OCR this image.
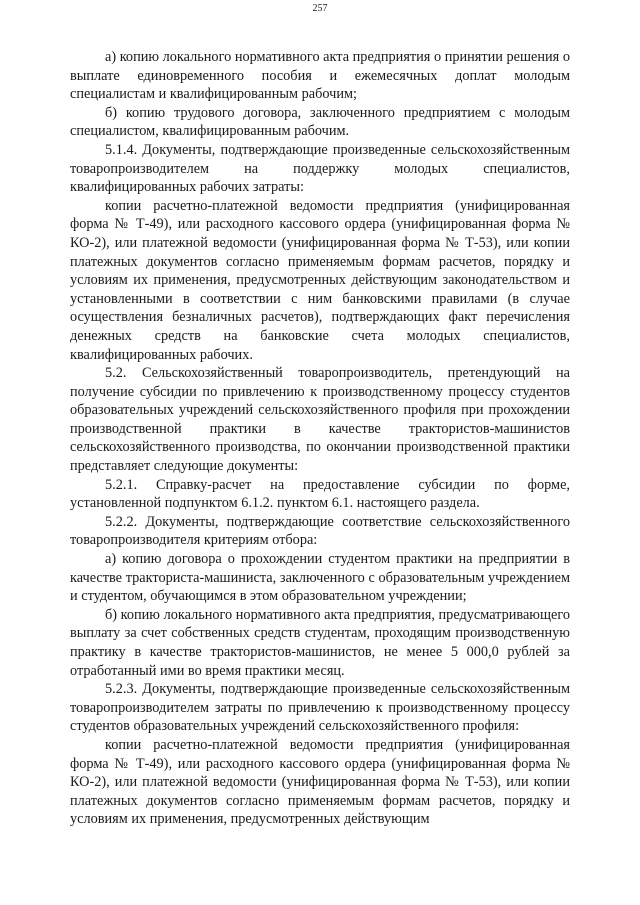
257

а) копию локального нормативного акта предприятия о принятии решения о выплате единовременного пособия и ежемесячных доплат молодым специалистам и квалифицированным рабочим;

б) копию трудового договора, заключенного предприятием с молодым специалистом, квалифицированным рабочим.

5.1.4. Документы, подтверждающие произведенные сельскохозяйственным товаропроизводителем на поддержку молодых специалистов, квалифицированных рабочих затраты:

копии расчетно-платежной ведомости предприятия (унифицированная форма № Т-49), или расходного кассового ордера (унифицированная форма № КО-2), или платежной ведомости (унифицированная форма № Т-53), или копии платежных документов согласно применяемым формам расчетов, порядку и условиям их применения, предусмотренных действующим законодательством и установленными в соответствии с ним банковскими правилами (в случае осуществления безналичных расчетов), подтверждающих факт перечисления денежных средств на банковские счета молодых специалистов, квалифицированных рабочих.

5.2. Сельскохозяйственный товаропроизводитель, претендующий на получение субсидии по привлечению к производственному процессу студентов образовательных учреждений сельскохозяйственного профиля при прохождении производственной практики в качестве трактористов-машинистов сельскохозяйственного производства, по окончании производственной практики представляет следующие документы:

5.2.1. Справку-расчет на предоставление субсидии по форме, установленной подпунктом 6.1.2. пунктом 6.1. настоящего раздела.

5.2.2. Документы, подтверждающие соответствие сельскохозяйственного товаропроизводителя критериям отбора:

а) копию договора о прохождении студентом практики на предприятии в качестве тракториста-машиниста, заключенного с образовательным учреждением и студентом, обучающимся в этом образовательном учреждении;

б) копию локального нормативного акта предприятия, предусматривающего выплату за счет собственных средств студентам, проходящим производственную практику в качестве трактористов-машинистов, не менее 5 000,0 рублей за отработанный ими во время практики месяц.

5.2.3. Документы, подтверждающие произведенные сельскохозяйственным товаропроизводителем затраты по привлечению к производственному процессу студентов образовательных учреждений сельскохозяйственного профиля:

копии расчетно-платежной ведомости предприятия (унифицированная форма № Т-49), или расходного кассового ордера (унифицированная форма № КО-2), или платежной ведомости (унифицированная форма № Т-53), или копии платежных документов согласно применяемым формам расчетов, порядку и условиям их применения, предусмотренных действующим
